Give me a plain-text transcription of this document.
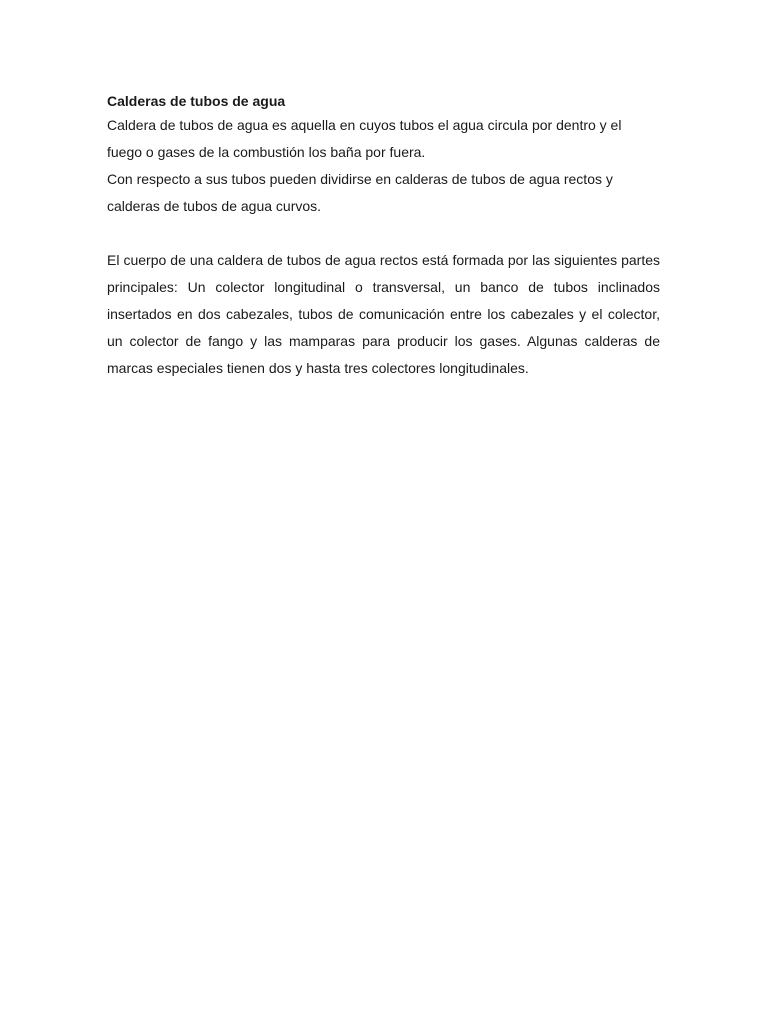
Calderas de tubos de agua

Caldera de tubos de agua es aquella en cuyos tubos el agua circula por dentro y el fuego o gases de la combustión los baña por fuera.

Con respecto a sus tubos pueden dividirse en calderas de tubos de agua rectos y calderas de tubos de agua curvos.

El cuerpo de una caldera de tubos de agua rectos está formada por las siguientes partes principales: Un colector longitudinal o transversal, un banco de tubos inclinados insertados en dos cabezales, tubos de comunicación entre los cabezales y el colector, un colector de fango y las mamparas para producir los gases. Algunas calderas de marcas especiales tienen dos y hasta tres colectores longitudinales.
